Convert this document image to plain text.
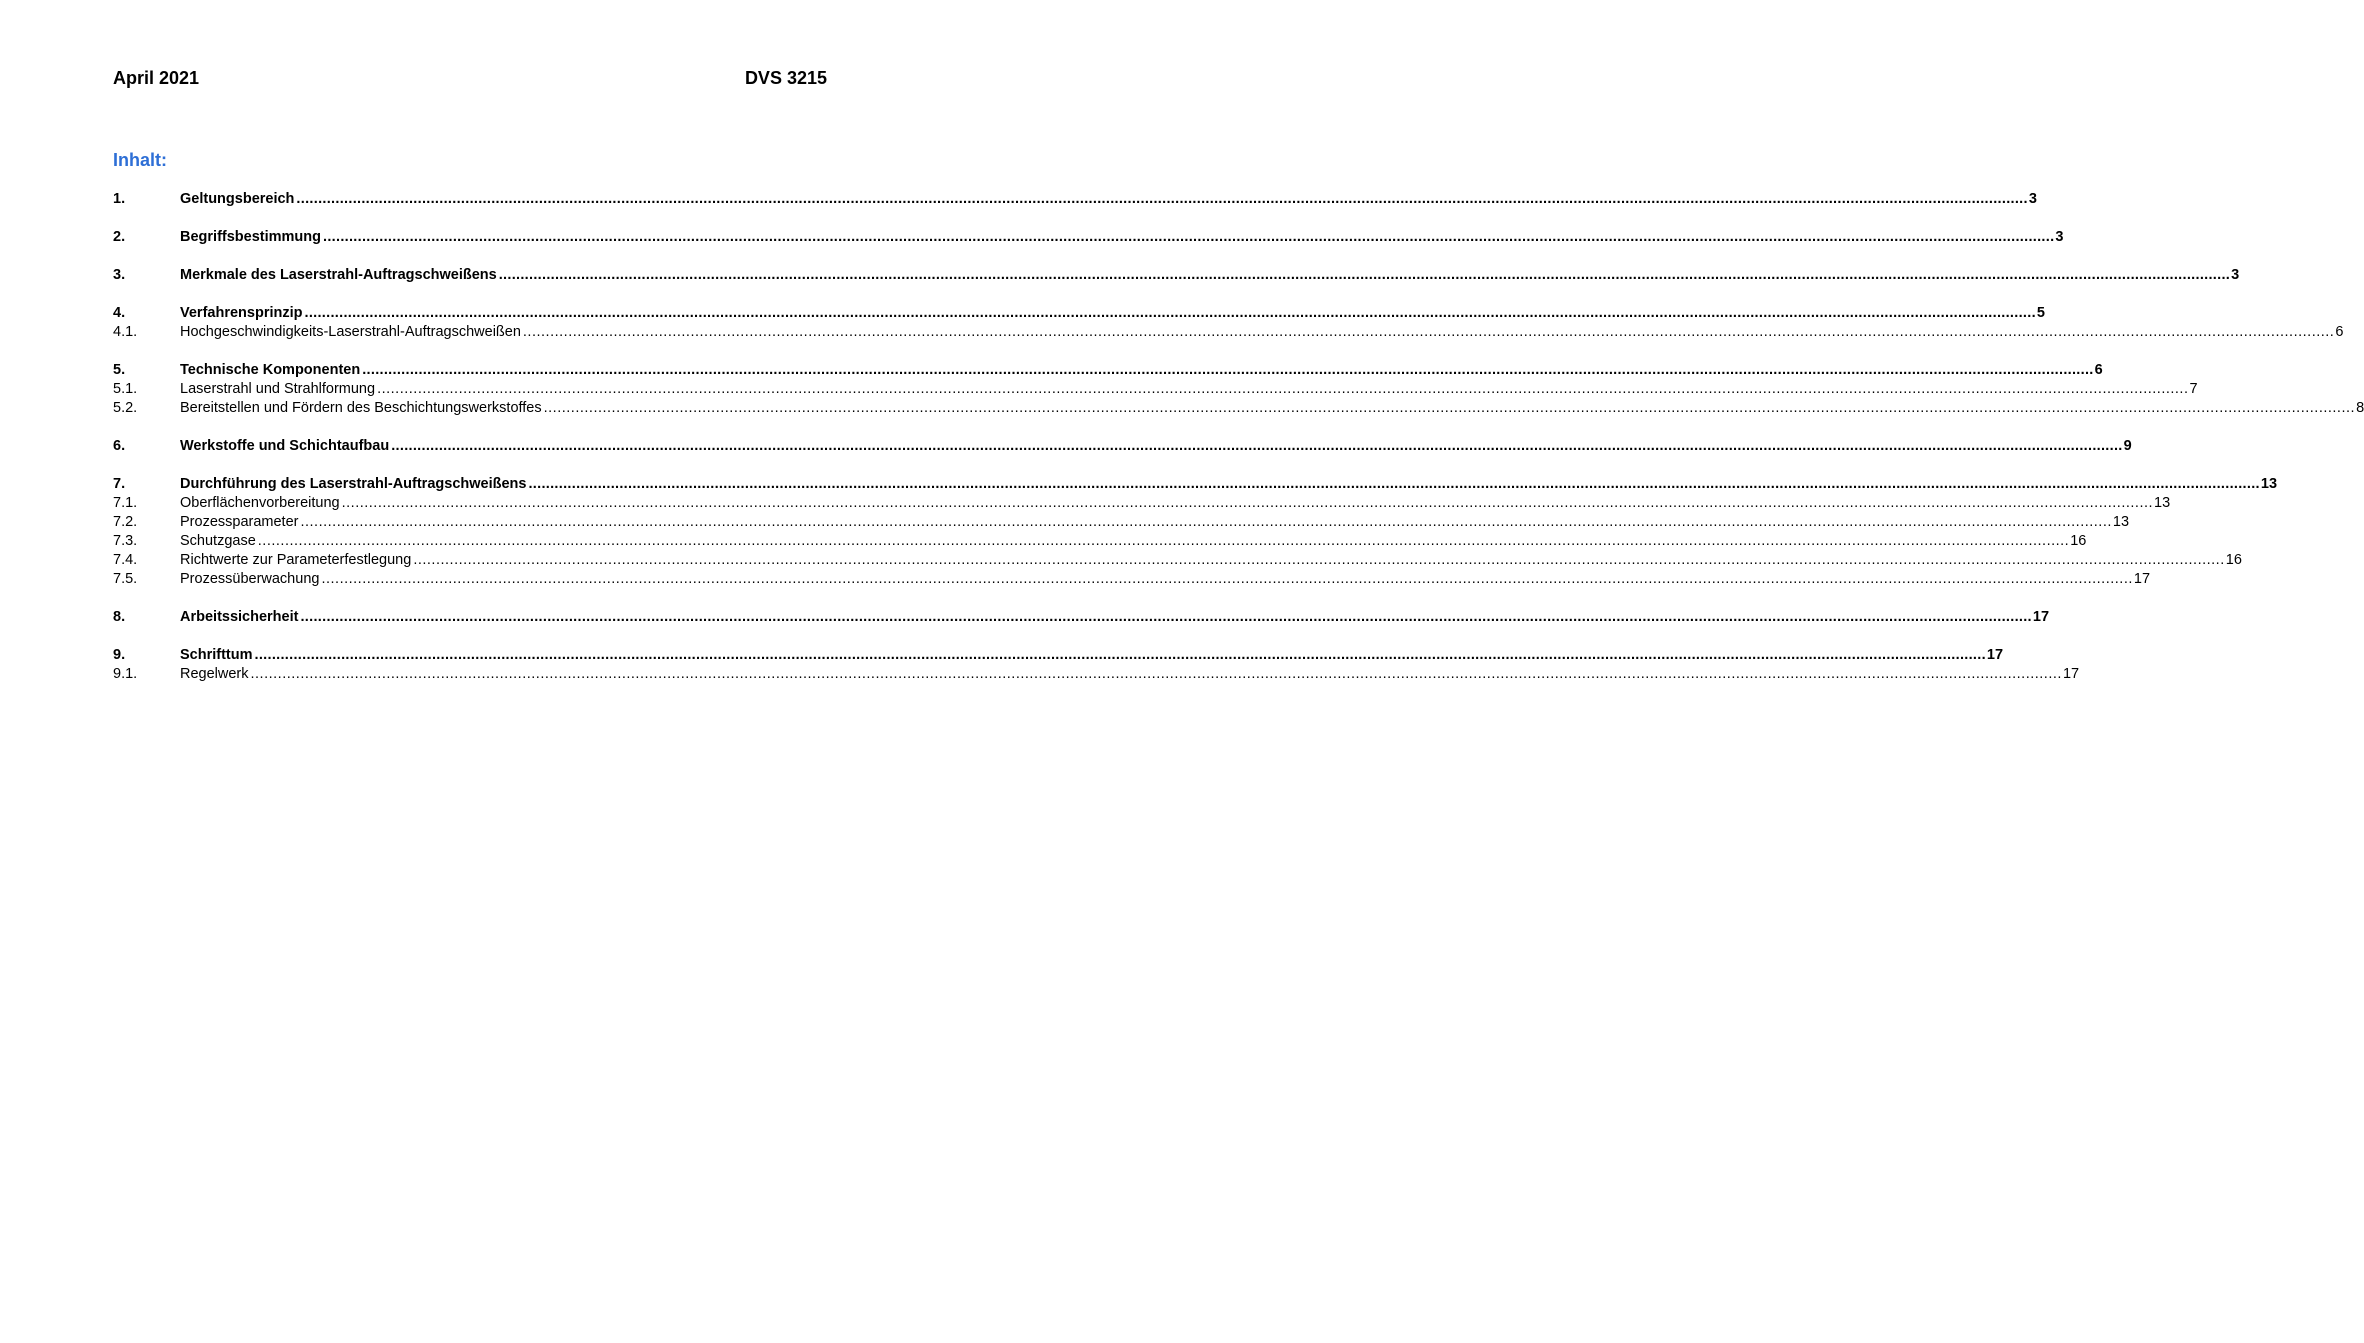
April 2021	DVS 3215
Inhalt:
1.	Geltungsbereich ................................................................................................................................................................................................................................................................................................................................................................................................................ 3
2.	Begriffsbestimmung ................................................................................................................................................................................................................................................................................................................................................................................................................ 3
3.	Merkmale des Laserstrahl-Auftragschweißens ................................................................................................................................................................................................................................................................................................................................................................................................................ 3
4.	Verfahrensprinzip ................................................................................................................................................................................................................................................................................................................................................................................................................ 5
4.1.	Hochgeschwindigkeits-Laserstrahl-Auftragschweißen ................................................................................................................................................................................................................................................................................................................................................................................................................ 6
5.	Technische Komponenten ................................................................................................................................................................................................................................................................................................................................................................................................................ 6
5.1.	Laserstrahl und Strahlformung ................................................................................................................................................................................................................................................................................................................................................................................................................ 7
5.2.	Bereitstellen und Fördern des Beschichtungswerkstoffes ................................................................................................................................................................................................................................................................................................................................................................................................................ 8
6.	Werkstoffe und Schichtaufbau ................................................................................................................................................................................................................................................................................................................................................................................................................ 9
7.	Durchführung des Laserstrahl-Auftragschweißens ................................................................................................................................................................................................................................................................................................................................................................................................................ 13
7.1.	Oberflächenvorbereitung ................................................................................................................................................................................................................................................................................................................................................................................................................ 13
7.2.	Prozessparameter ................................................................................................................................................................................................................................................................................................................................................................................................................ 13
7.3.	Schutzgase ................................................................................................................................................................................................................................................................................................................................................................................................................ 16
7.4.	Richtwerte zur Parameterfestlegung ................................................................................................................................................................................................................................................................................................................................................................................................................ 16
7.5.	Prozessüberwachung ................................................................................................................................................................................................................................................................................................................................................................................................................ 17
8.	Arbeitssicherheit ................................................................................................................................................................................................................................................................................................................................................................................................................ 17
9.	Schrifttum ................................................................................................................................................................................................................................................................................................................................................................................................................ 17
9.1.	Regelwerk ................................................................................................................................................................................................................................................................................................................................................................................................................ 17
